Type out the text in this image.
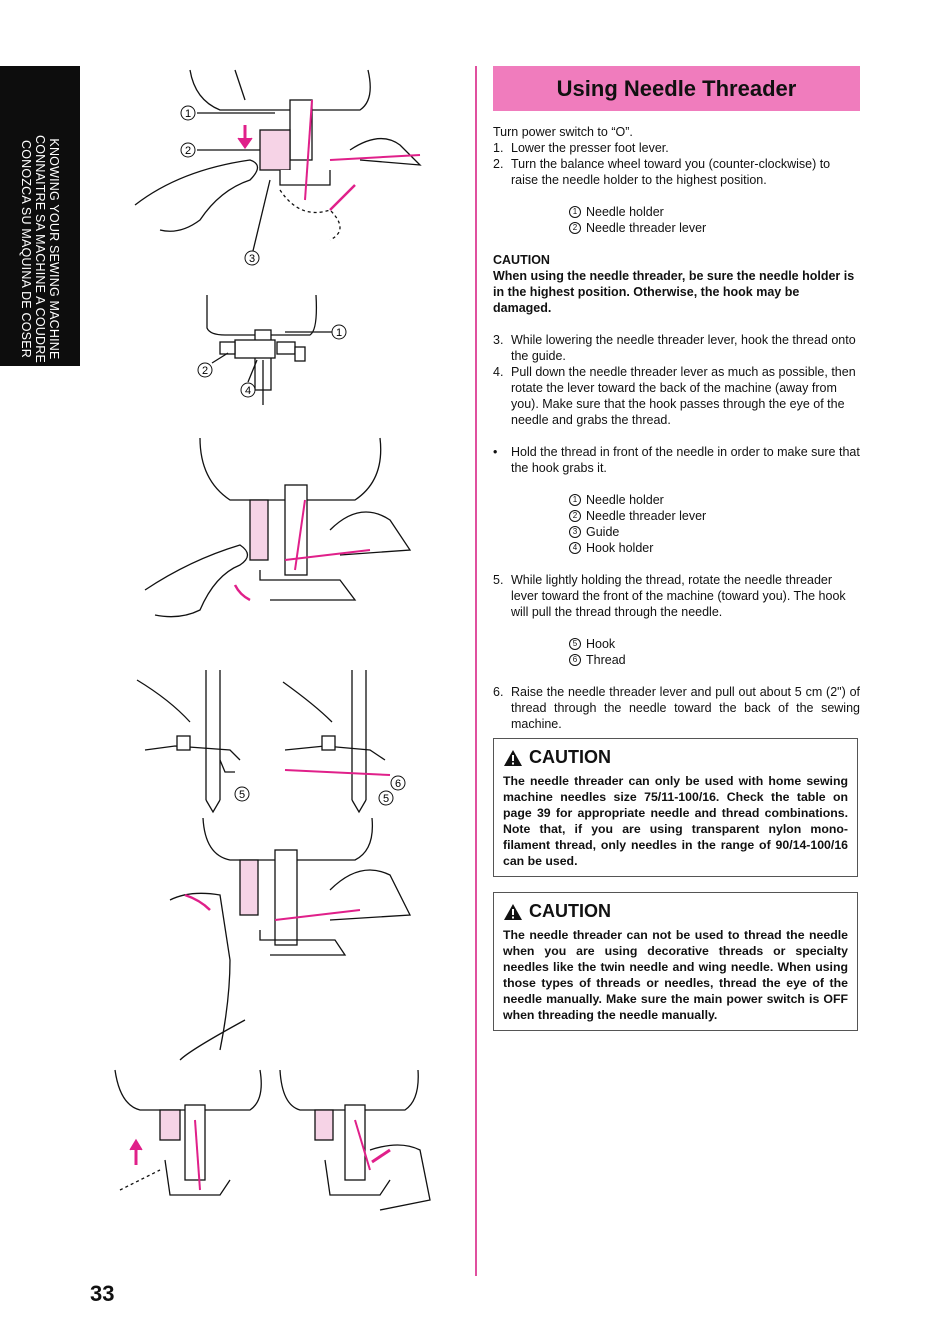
KNOWING YOUR SEWING MACHINE
CONNAITRE SA MACHINE A COUDRE
CONOZCA SU MAQUINA DE COSER
1
2
3
1
2
4
5
6
5
Using Needle Threader

Turn power switch to “O”.

1. Lower the presser foot lever.
2. Turn the balance wheel toward you (counter-clockwise) to raise the needle holder to the highest position.
1 Needle holder
2 Needle threader lever

CAUTION

When using the needle threader, be sure the needle holder is in the highest position. Otherwise, the hook may be damaged.

3. While lowering the needle threader lever, hook the thread onto the guide.
4. Pull down the needle threader lever as much as possible, then rotate the lever toward the back of the machine (away from you). Make sure that the hook passes through the eye of the needle and grabs the thread.
•	Hold the thread in front of the needle in order to make sure that the hook grabs it.
1 Needle holder
2 Needle threader lever
3 Guide
4 Hook holder
5. While lightly holding the thread, rotate the needle threader lever toward the front of the machine (toward you). The hook will pull the thread through the needle.
5 Hook
6 Thread
6. Raise the needle threader lever and pull out about 5 cm (2") of thread through the needle toward the back of the sewing machine.
CAUTION
The needle threader can only be used with home sewing machine needles size 75/11-100/16. Check the table on page 39 for appropriate needle and thread combinations. Note that, if you are using transparent nylon mono-filament thread, only needles in the range of 90/14-100/16 can be used.
CAUTION
The needle threader can not be used to thread the needle when you are using decorative threads or specialty needles like the twin needle and wing needle. When using those types of threads or needles, thread the eye of the needle manually. Make sure the main power switch is OFF when threading the needle manually.
33
